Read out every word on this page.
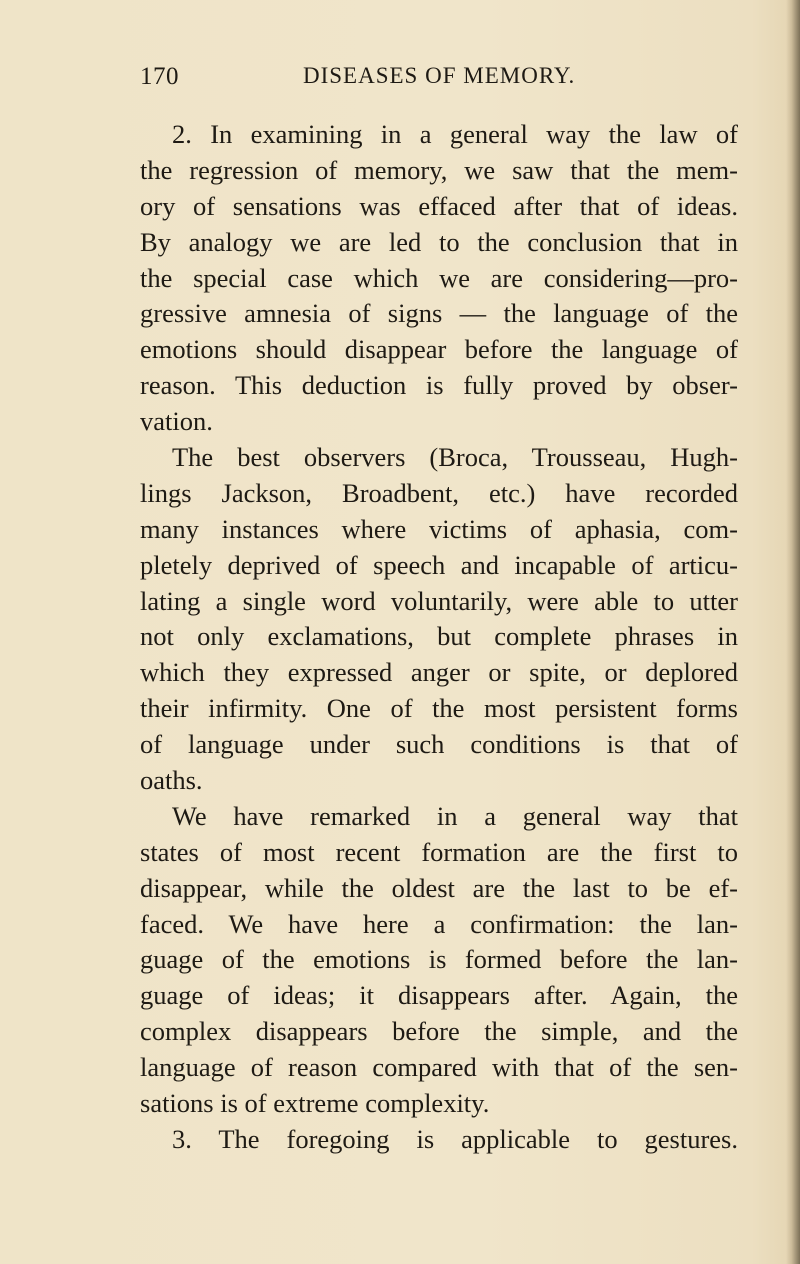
170	DISEASES OF MEMORY.
2. In examining in a general way the law of
the regression of memory, we saw that the mem-
ory of sensations was effaced after that of ideas.
By analogy we are led to the conclusion that in
the special case which we are considering—pro-
gressive amnesia of signs — the language of the
emotions should disappear before the language of
reason. This deduction is fully proved by obser-
vation.
The best observers (Broca, Trousseau, Hugh-
lings Jackson, Broadbent, etc.) have recorded
many instances where victims of aphasia, com-
pletely deprived of speech and incapable of articu-
lating a single word voluntarily, were able to utter
not only exclamations, but complete phrases in
which they expressed anger or spite, or deplored
their infirmity. One of the most persistent forms
of language under such conditions is that of
oaths.
We have remarked in a general way that
states of most recent formation are the first to
disappear, while the oldest are the last to be ef-
faced. We have here a confirmation: the lan-
guage of the emotions is formed before the lan-
guage of ideas; it disappears after. Again, the
complex disappears before the simple, and the
language of reason compared with that of the sen-
sations is of extreme complexity.
3. The foregoing is applicable to gestures.
